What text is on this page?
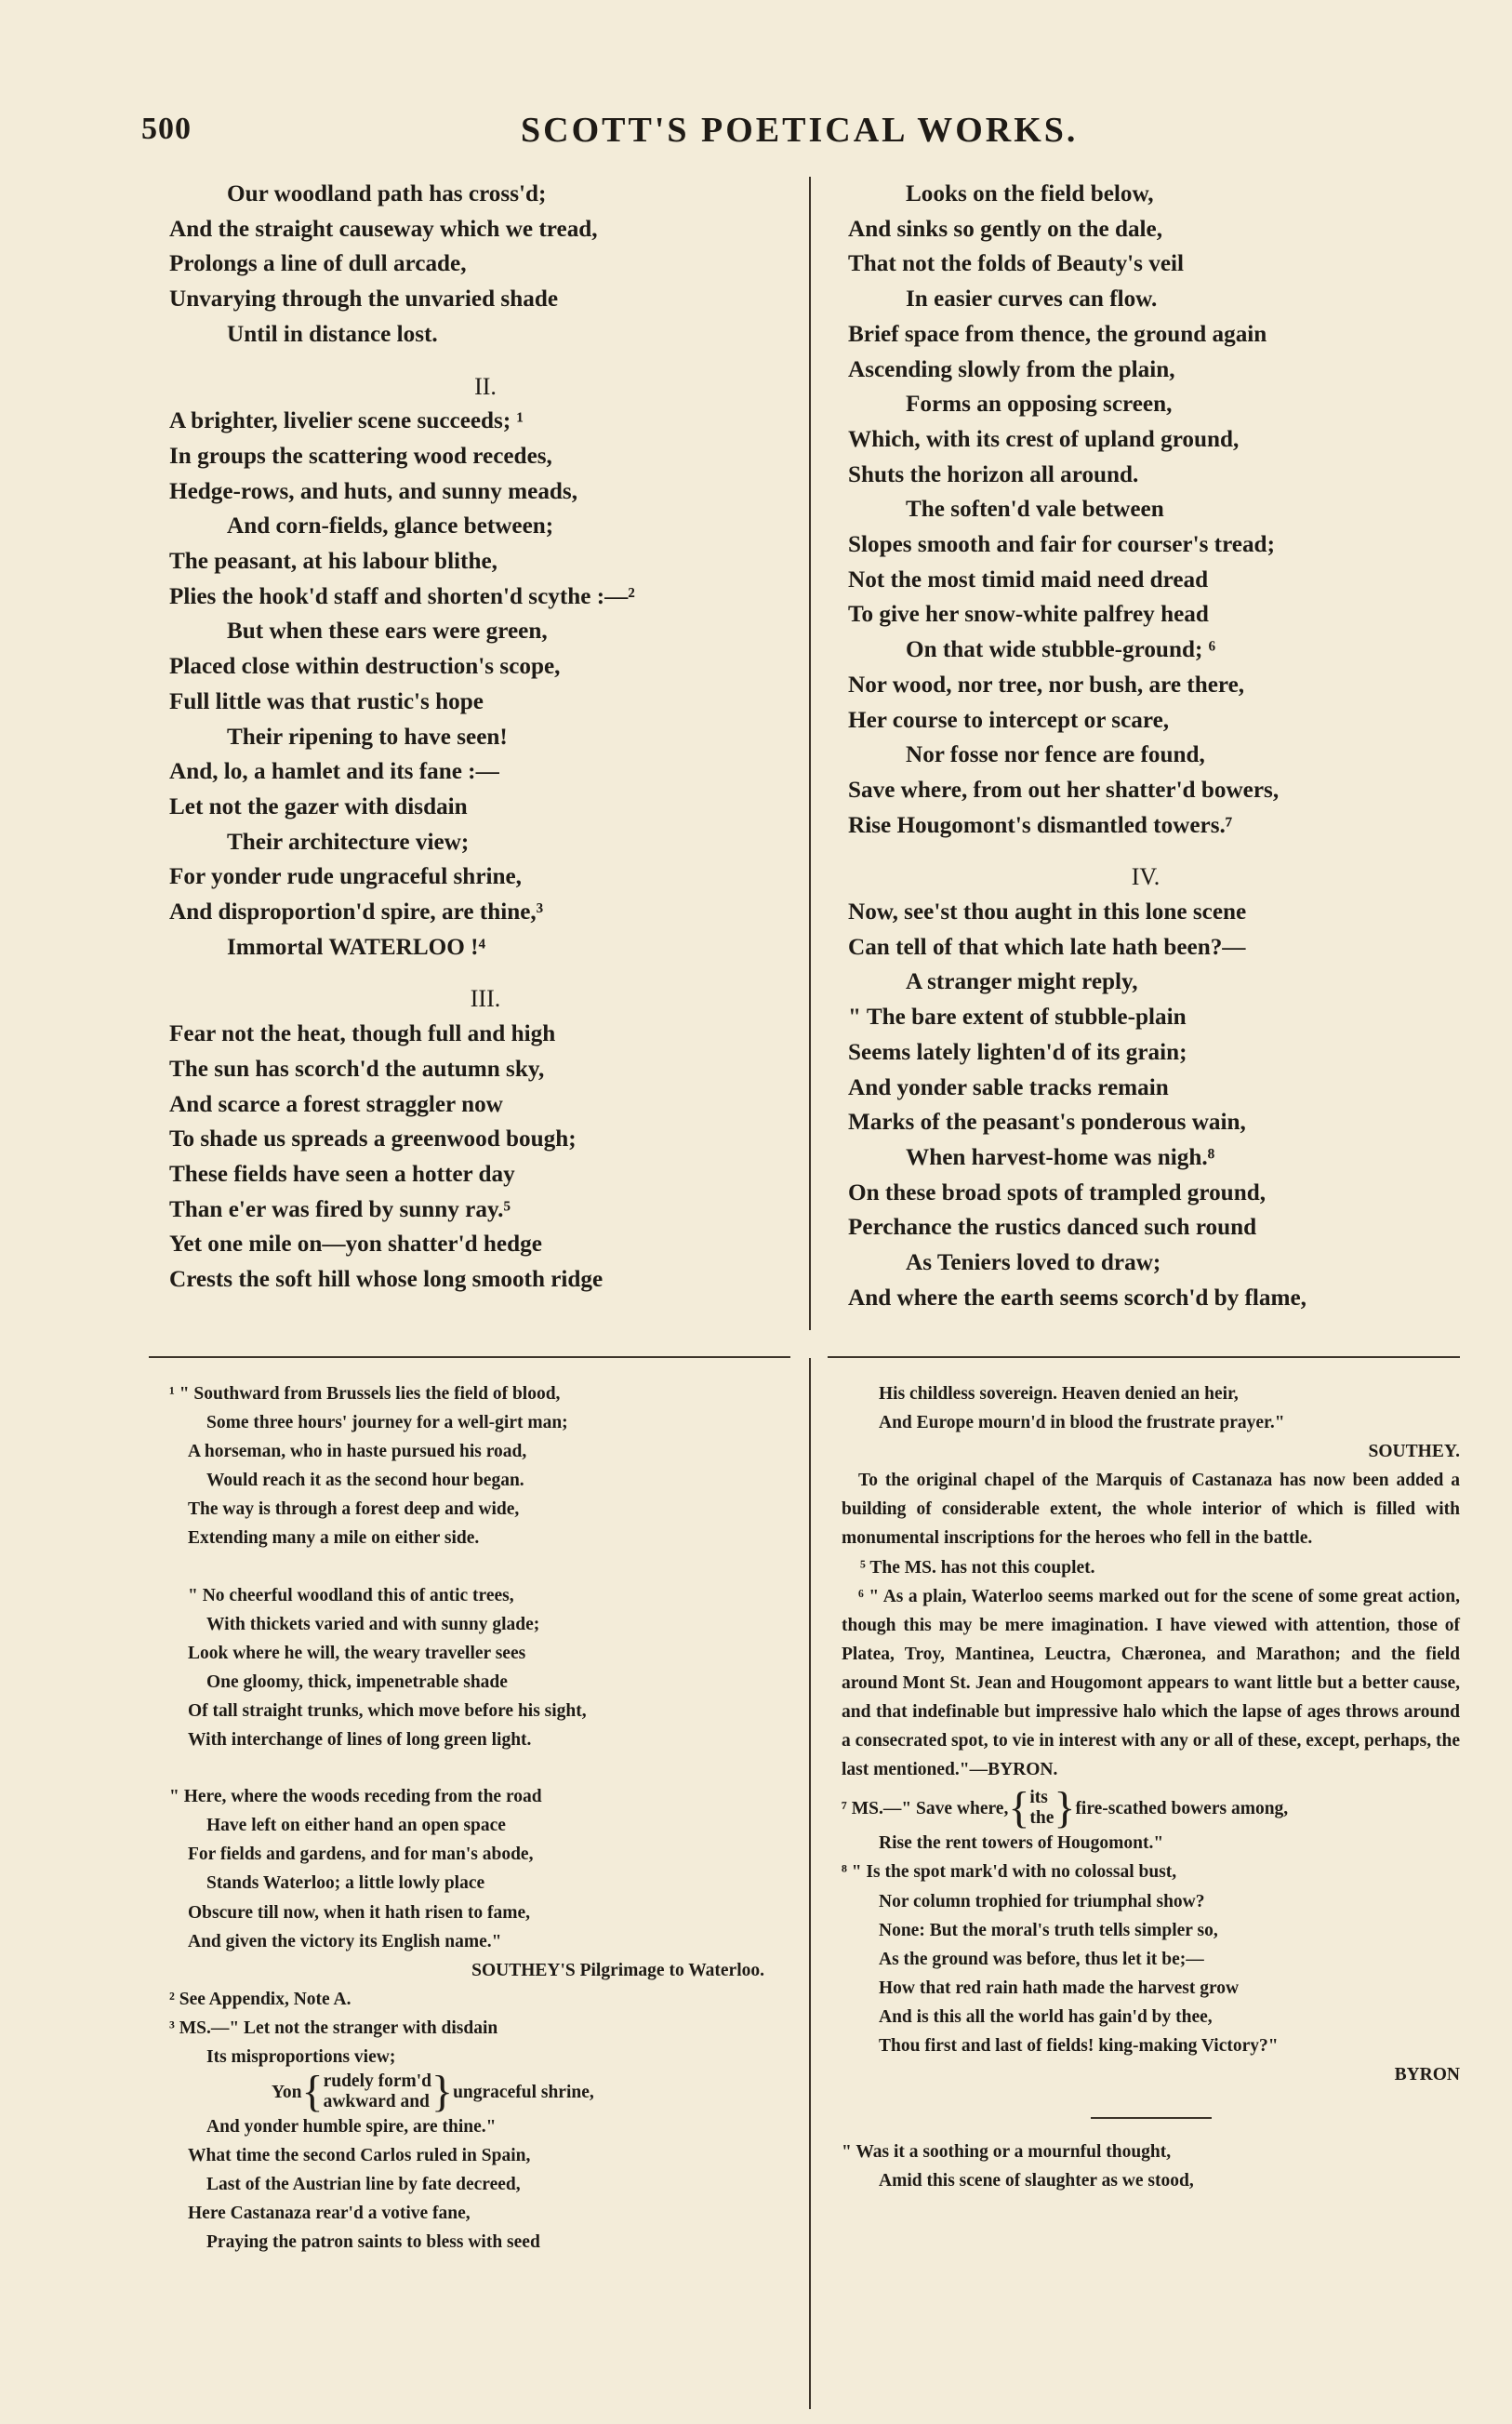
500	SCOTT'S POETICAL WORKS.
Our woodland path has cross'd;
And the straight causeway which we tread,
Prolongs a line of dull arcade,
Unvarying through the unvaried shade
Until in distance lost.
II.
A brighter, livelier scene succeeds; ¹
In groups the scattering wood recedes,
Hedge-rows, and huts, and sunny meads,
And corn-fields, glance between;
The peasant, at his labour blithe,
Plies the hook'd staff and shorten'd scythe :—²
But when these ears were green,
Placed close within destruction's scope,
Full little was that rustic's hope
Their ripening to have seen!
And, lo, a hamlet and its fane :—
Let not the gazer with disdain
Their architecture view;
For yonder rude ungraceful shrine,
And disproportion'd spire, are thine,³
Immortal WATERLOO !⁴
III.
Fear not the heat, though full and high
The sun has scorch'd the autumn sky,
And scarce a forest straggler now
To shade us spreads a greenwood bough;
These fields have seen a hotter day
Than e'er was fired by sunny ray.⁵
Yet one mile on—yon shatter'd hedge
Crests the soft hill whose long smooth ridge
Looks on the field below,
And sinks so gently on the dale,
That not the folds of Beauty's veil
In easier curves can flow.
Brief space from thence, the ground again
Ascending slowly from the plain,
Forms an opposing screen,
Which, with its crest of upland ground,
Shuts the horizon all around.
The soften'd vale between
Slopes smooth and fair for courser's tread;
Not the most timid maid need dread
To give her snow-white palfrey head
On that wide stubble-ground; ⁶
Nor wood, nor tree, nor bush, are there,
Her course to intercept or scare,
Nor fosse nor fence are found,
Save where, from out her shatter'd bowers,
Rise Hougomont's dismantled towers.⁷
IV.
Now, see'st thou aught in this lone scene
Can tell of that which late hath been?—
A stranger might reply,
" The bare extent of stubble-plain
Seems lately lighten'd of its grain;
And yonder sable tracks remain
Marks of the peasant's ponderous wain,
When harvest-home was nigh.⁸
On these broad spots of trampled ground,
Perchance the rustics danced such round
As Teniers loved to draw;
And where the earth seems scorch'd by flame,
¹ " Southward from Brussels lies the field of blood,
Some three hours' journey for a well-girt man;
A horseman, who in haste pursued his road,
Would reach it as the second hour began.
The way is through a forest deep and wide,
Extending many a mile on either side.
" No cheerful woodland this of antic trees,
With thickets varied and with sunny glade;
Look where he will, the weary traveller sees
One gloomy, thick, impenetrable shade
Of tall straight trunks, which move before his sight,
With interchange of lines of long green light.
" Here, where the woods receding from the road
Have left on either hand an open space
For fields and gardens, and for man's abode,
Stands Waterloo; a little lowly place
Obscure till now, when it hath risen to fame,
And given the victory its English name."
SOUTHEY'S Pilgrimage to Waterloo.
² See Appendix, Note A.
³ MS.—" Let not the stranger with disdain
Its misproportions view;
Yon { rudely form'd
awkward and } ungraceful shrine,
And yonder humble spire, are thine."
What time the second Carlos ruled in Spain,
Last of the Austrian line by fate decreed,
Here Castanaza rear'd a votive fane,
Praying the patron saints to bless with seed
His childless sovereign. Heaven denied an heir,
And Europe mourn'd in blood the frustrate prayer."
SOUTHEY.
To the original chapel of the Marquis of Castanaza has now been added a building of considerable extent, the whole interior of which is filled with monumental inscriptions for the heroes who fell in the battle.
⁵ The MS. has not this couplet.
⁶ " As a plain, Waterloo seems marked out for the scene of some great action, though this may be mere imagination. I have viewed with attention, those of Platea, Troy, Mantinea, Leuctra, Chæronea, and Marathon; and the field around Mont St. Jean and Hougomont appears to want little but a better cause, and that indefinable but impressive halo which the lapse of ages throws around a consecrated spot, to vie in interest with any or all of these, except, perhaps, the last mentioned."—BYRON.
⁷ MS.—" Save where, { its
the } fire-scathed bowers among,
Rise the rent towers of Hougomont."
⁸ " Is the spot mark'd with no colossal bust,
Nor column trophied for triumphal show?
None: But the moral's truth tells simpler so,
As the ground was before, thus let it be;—
How that red rain hath made the harvest grow
And is this all the world has gain'd by thee,
Thou first and last of fields! king-making Victory?"
BYRON
" Was it a soothing or a mournful thought,
Amid this scene of slaughter as we stood,
